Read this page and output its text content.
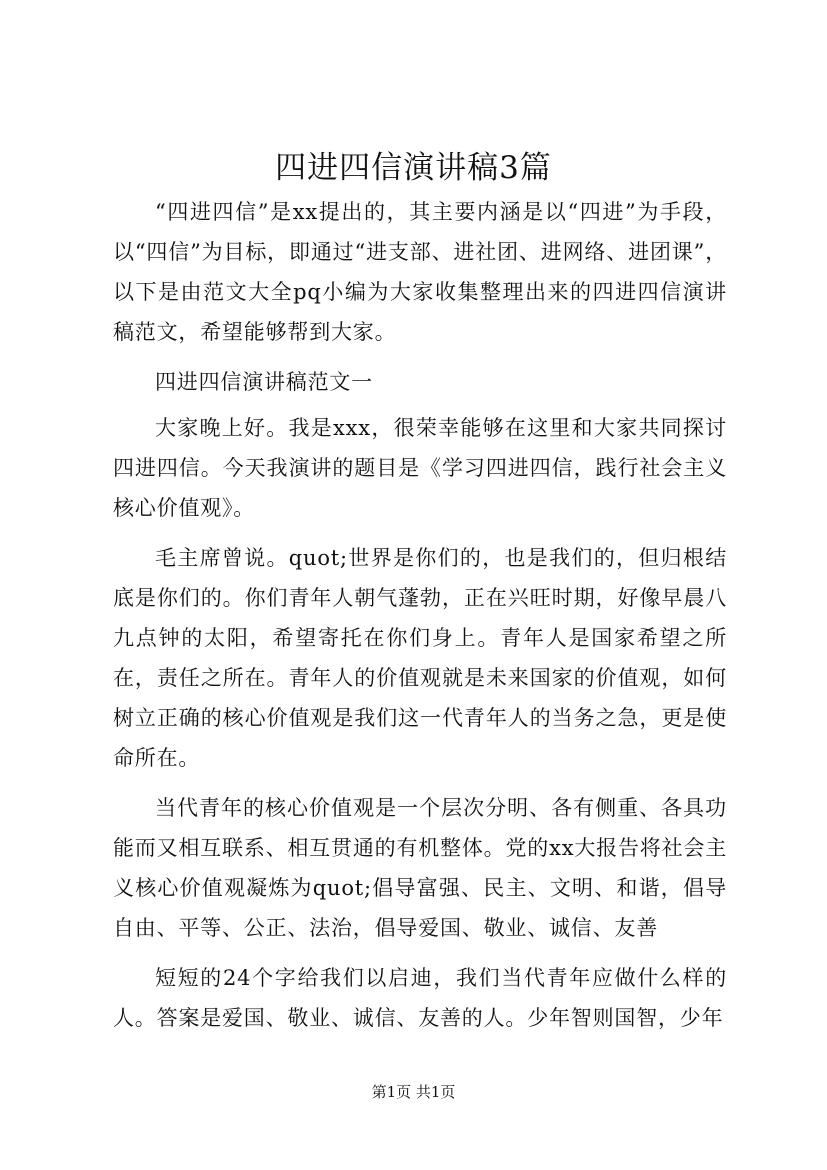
四进四信演讲稿3篇

“四进四信”是xx提出的，其主要内涵是以“四进”为手段，以“四信”为目标，即通过“进支部、进社团、进网络、进团课”，以下是由范文大全pq小编为大家收集整理出来的四进四信演讲稿范文，希望能够帮到大家。

四进四信演讲稿范文一

大家晚上好。我是xxx，很荣幸能够在这里和大家共同探讨四进四信。今天我演讲的题目是《学习四进四信，践行社会主义核心价值观》。

毛主席曾说。quot;世界是你们的，也是我们的，但归根结底是你们的。你们青年人朝气蓬勃，正在兴旺时期，好像早晨八九点钟的太阳，希望寄托在你们身上。青年人是国家希望之所在，责任之所在。青年人的价值观就是未来国家的价值观，如何树立正确的核心价值观是我们这一代青年人的当务之急，更是使命所在。

当代青年的核心价值观是一个层次分明、各有侧重、各具功能而又相互联系、相互贯通的有机整体。党的xx大报告将社会主义核心价值观凝炼为quot;倡导富强、民主、文明、和谐，倡导自由、平等、公正、法治，倡导爱国、敬业、诚信、友善

短短的24个字给我们以启迪，我们当代青年应做什么样的人。答案是爱国、敬业、诚信、友善的人。少年智则国智，少年

第1页 共1页
